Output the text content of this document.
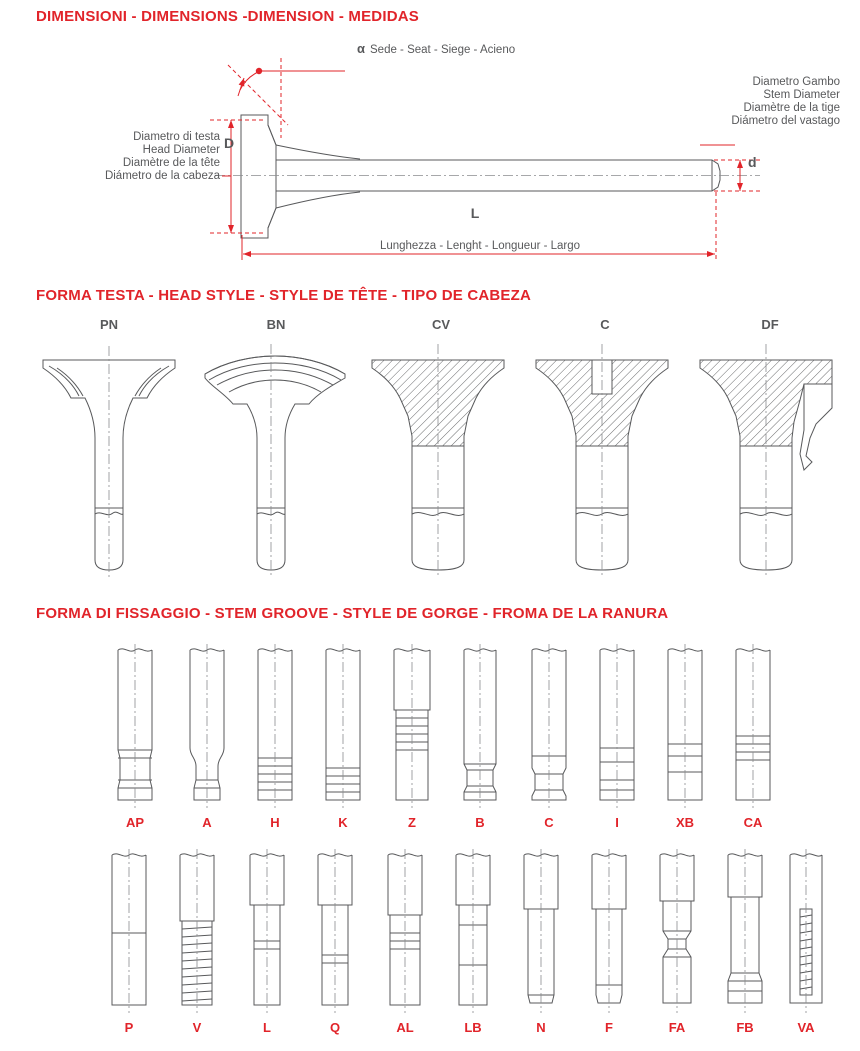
DIMENSIONI - DIMENSIONS -DIMENSION - MEDIDAS
α Sede - Seat - Siege - Acieno
Diametro di testa
Head Diameter
Diamètre de la tête
Diámetro de la cabeza
Diametro Gambo
Stem Diameter
Diamètre de la tige
Diámetro del vastago
D
d
L
Lunghezza - Lenght - Longueur - Largo
FORMA TESTA - HEAD STYLE - STYLE DE TÊTE - TIPO DE CABEZA
PN	BN	CV	C	DF
FORMA DI FISSAGGIO - STEM GROOVE - STYLE DE GORGE - FROMA DE LA RANURA
AP	A	H	K	Z	B	C	I	XB	CA
P	V	L	Q	AL	LB	N	F	FA	FB	VA
